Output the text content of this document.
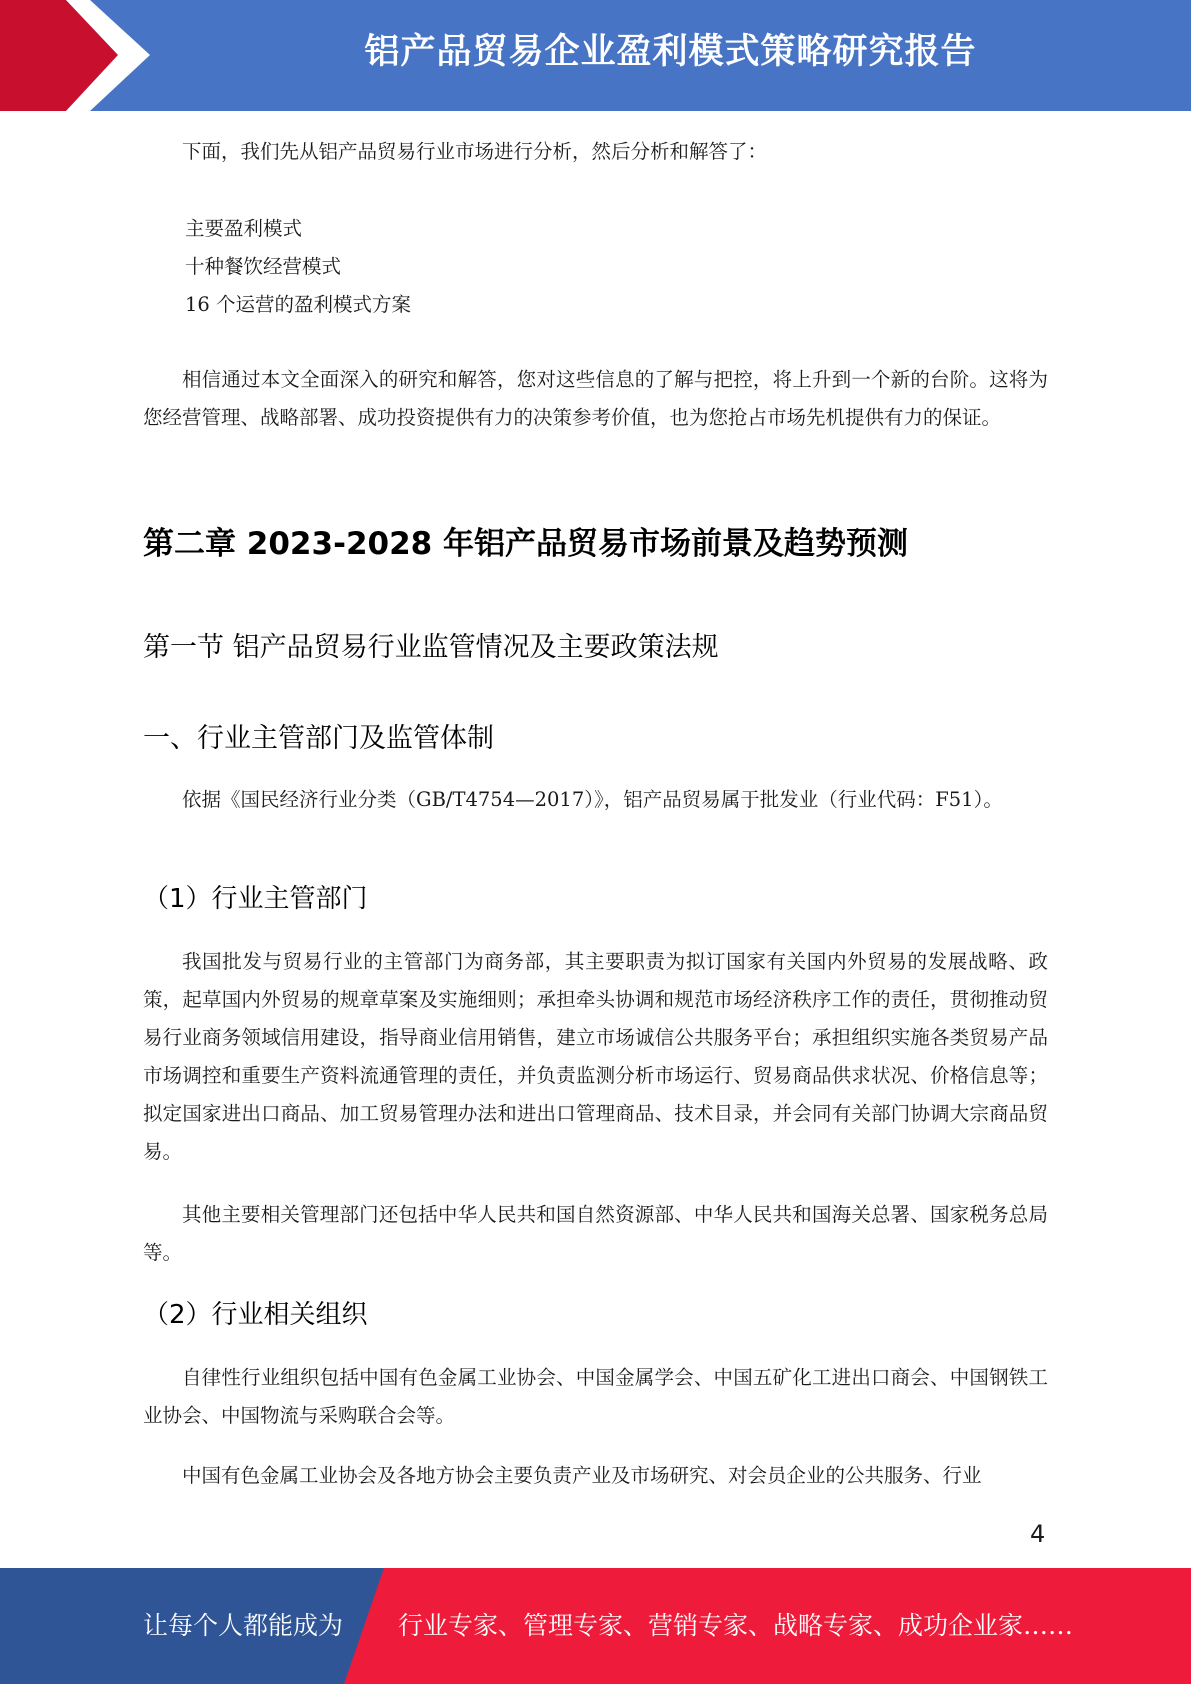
铝产品贸易企业盈利模式策略研究报告
下面，我们先从铝产品贸易行业市场进行分析，然后分析和解答了：
主要盈利模式
十种餐饮经营模式
16 个运营的盈利模式方案
相信通过本文全面深入的研究和解答，您对这些信息的了解与把控，将上升到一个新的台阶。这将为您经营管理、战略部署、成功投资提供有力的决策参考价值，也为您抢占市场先机提供有力的保证。
第二章 2023-2028 年铝产品贸易市场前景及趋势预测
第一节 铝产品贸易行业监管情况及主要政策法规
一、行业主管部门及监管体制
依据《国民经济行业分类（GB/T4754—2017）》，铝产品贸易属于批发业（行业代码：F51）。
（1）行业主管部门
我国批发与贸易行业的主管部门为商务部，其主要职责为拟订国家有关国内外贸易的发展战略、政策，起草国内外贸易的规章草案及实施细则；承担牵头协调和规范市场经济秩序工作的责任，贯彻推动贸易行业商务领域信用建设，指导商业信用销售，建立市场诚信公共服务平台；承担组织实施各类贸易产品市场调控和重要生产资料流通管理的责任，并负责监测分析市场运行、贸易商品供求状况、价格信息等；拟定国家进出口商品、加工贸易管理办法和进出口管理商品、技术目录，并会同有关部门协调大宗商品贸易。
其他主要相关管理部门还包括中华人民共和国自然资源部、中华人民共和国海关总署、国家税务总局等。
（2）行业相关组织
自律性行业组织包括中国有色金属工业协会、中国金属学会、中国五矿化工进出口商会、中国钢铁工业协会、中国物流与采购联合会等。
中国有色金属工业协会及各地方协会主要负责产业及市场研究、对会员企业的公共服务、行业
4
让每个人都能成为 行业专家、管理专家、营销专家、战略专家、成功企业家……
